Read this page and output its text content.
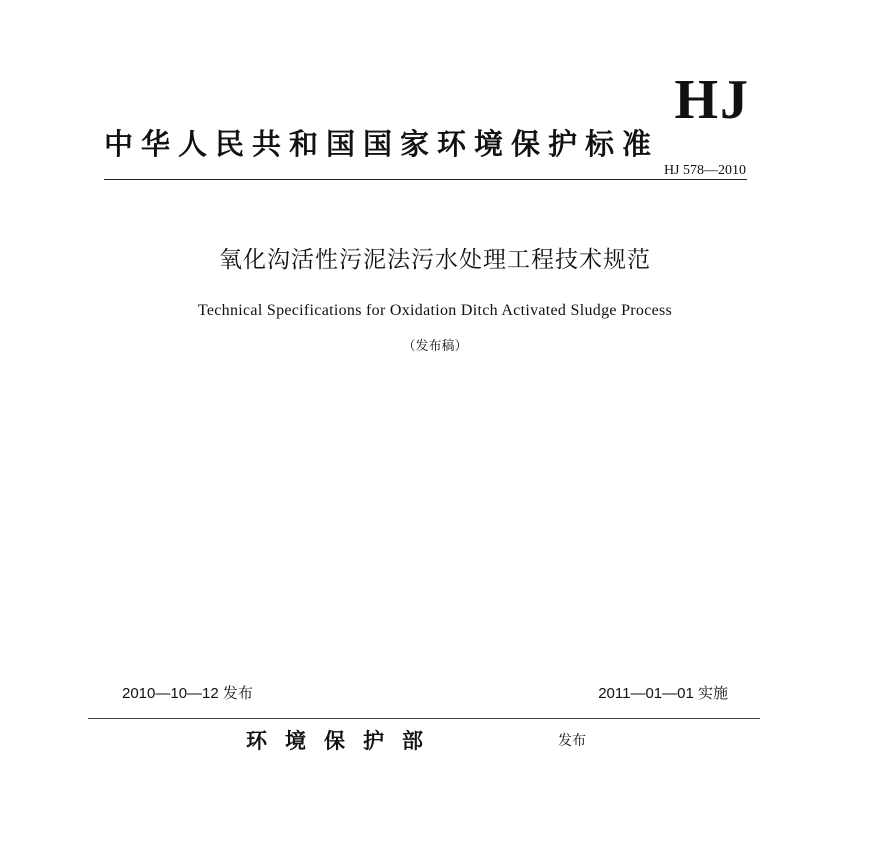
HJ
中华人民共和国国家环境保护标准
HJ 578—2010
氧化沟活性污泥法污水处理工程技术规范
Technical Specifications for Oxidation Ditch Activated Sludge Process
（发布稿）
2010—10—12 发布	2011—01—01 实施
环境保护部	发布
